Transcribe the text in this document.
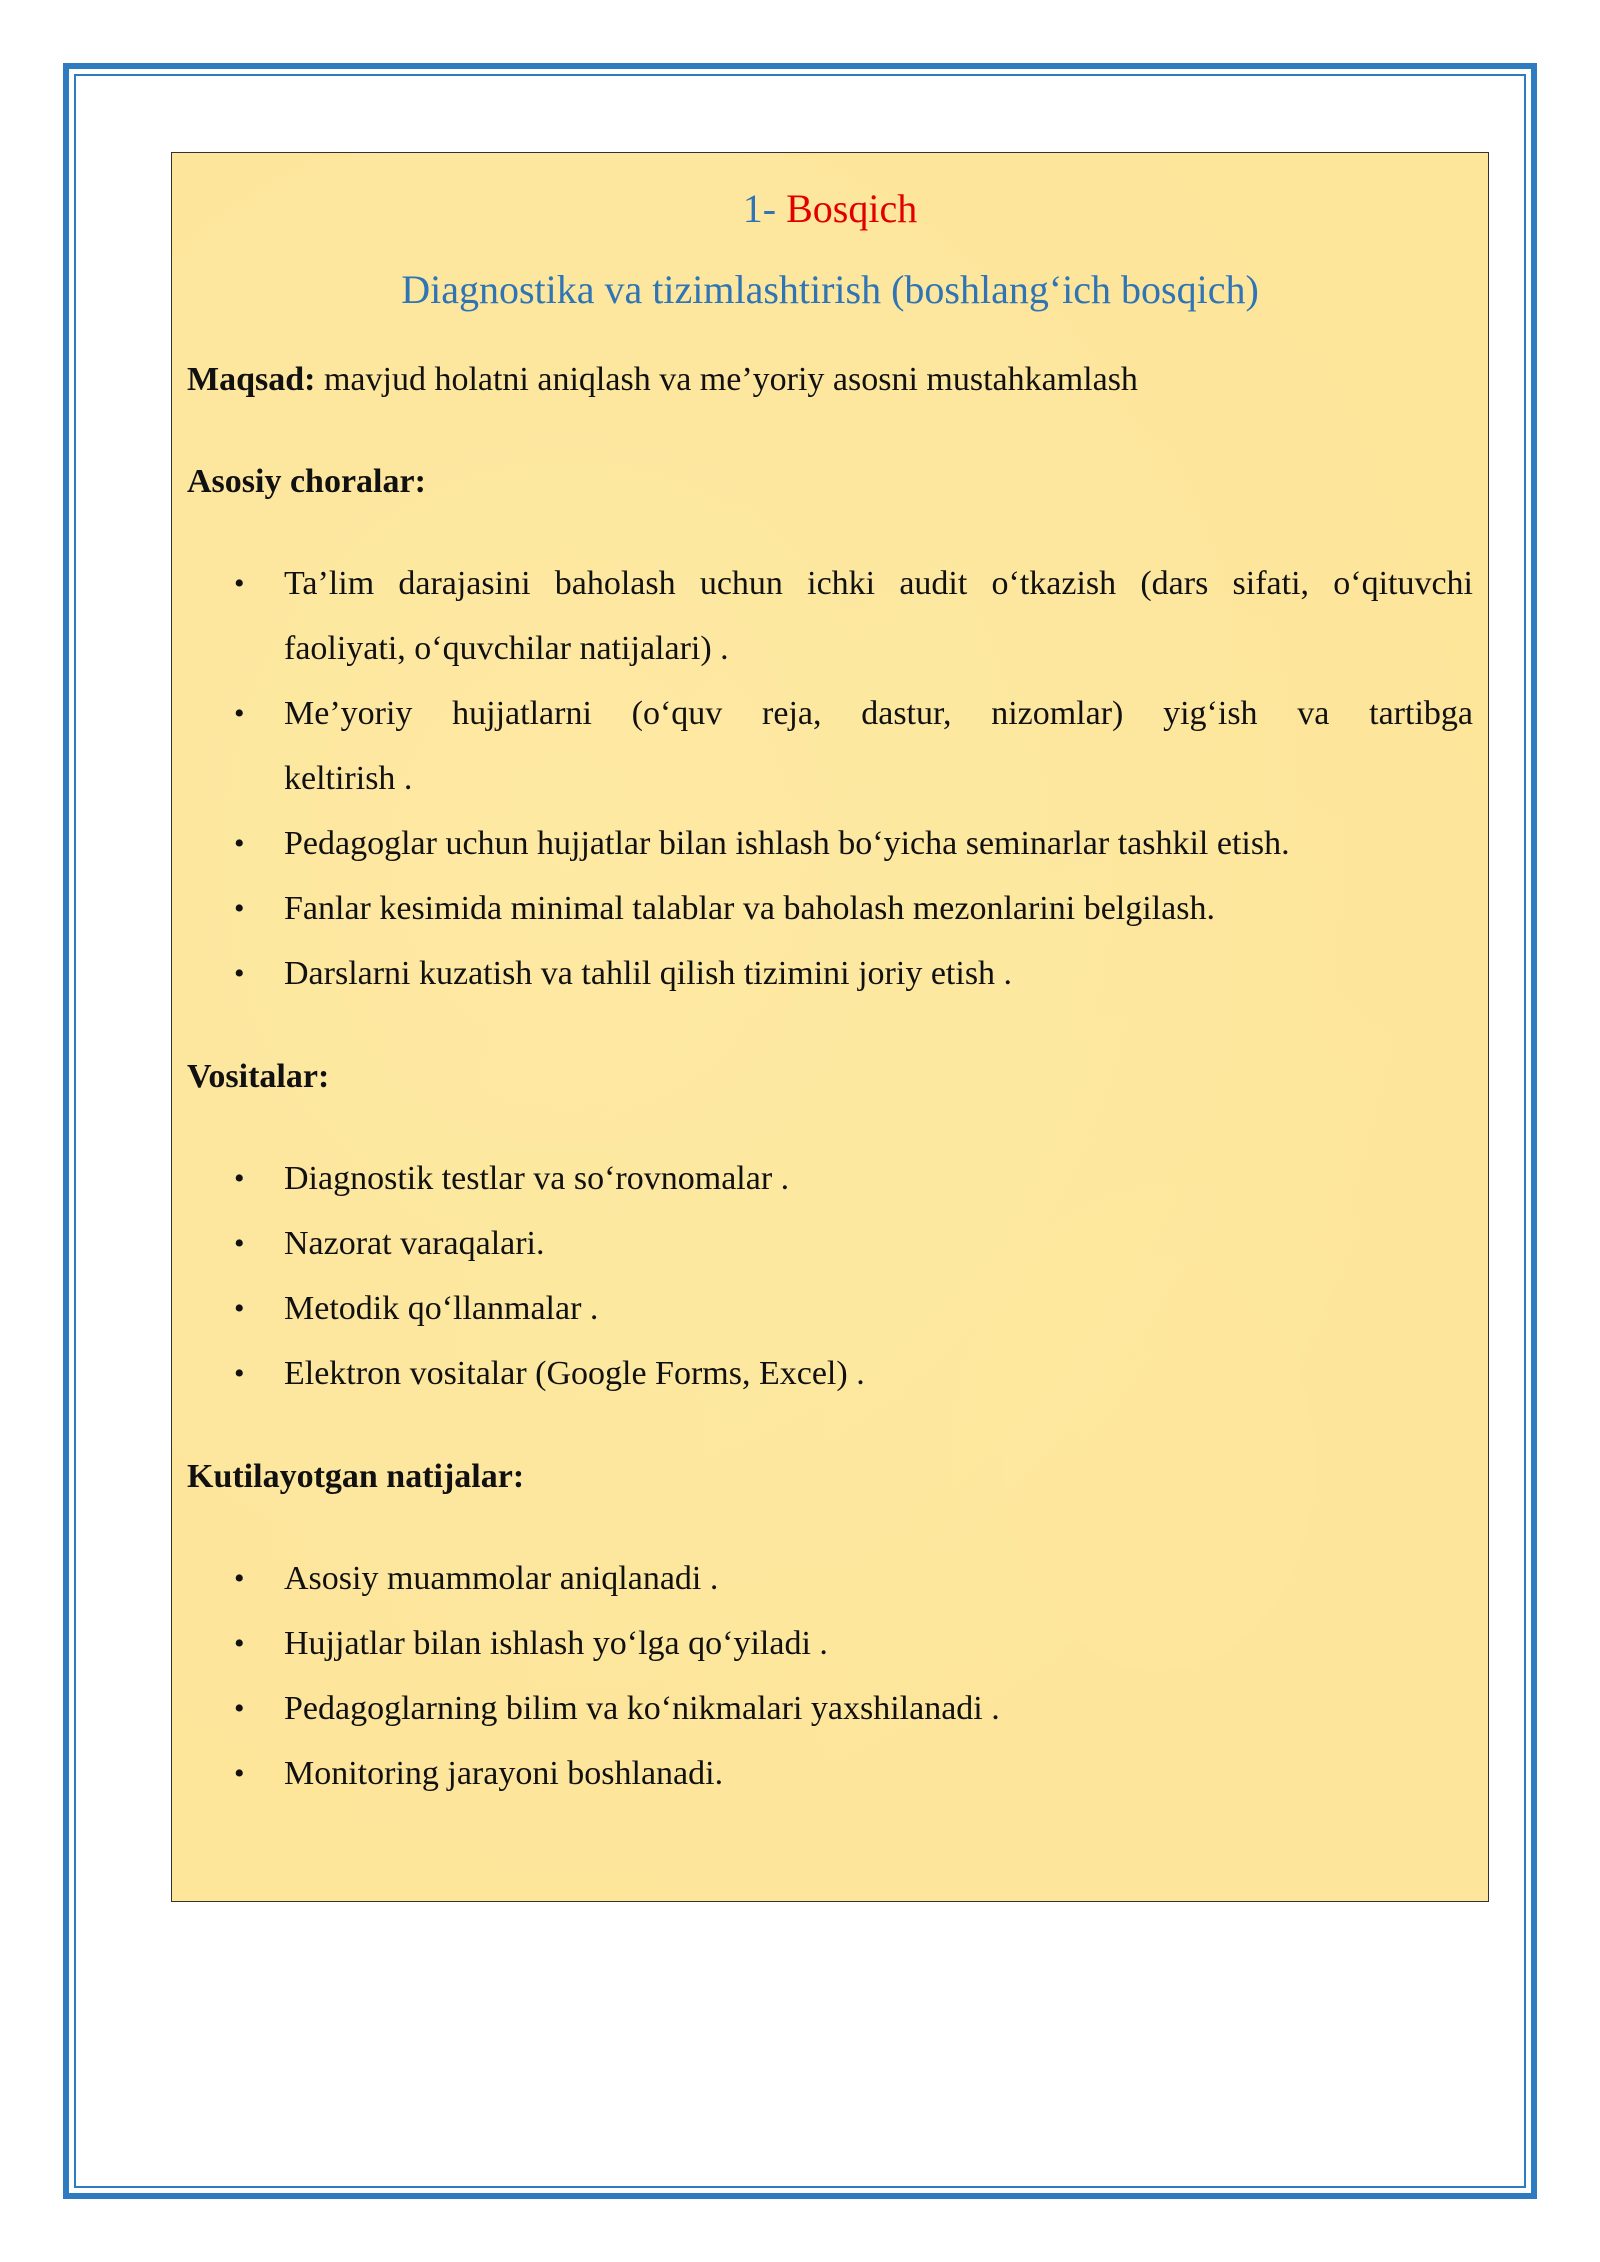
1- Bosqich
Diagnostika va tizimlashtirish (boshlang‘ich bosqich)
Maqsad: mavjud holatni aniqlash va me’yoriy asosni mustahkamlash
Asosiy choralar:
• Ta’lim darajasini baholash uchun ichki audit o‘tkazish (dars sifati, o‘qituvchi
faoliyati, o‘quvchilar natijalari) .
• Me’yoriy hujjatlarni (o‘quv reja, dastur, nizomlar) yig‘ish va tartibga
keltirish .
• Pedagoglar uchun hujjatlar bilan ishlash bo‘yicha seminarlar tashkil etish.
• Fanlar kesimida minimal talablar va baholash mezonlarini belgilash.
• Darslarni kuzatish va tahlil qilish tizimini joriy etish .
Vositalar:
• Diagnostik testlar va so‘rovnomalar .
• Nazorat varaqalari.
• Metodik qo‘llanmalar .
• Elektron vositalar (Google Forms, Excel) .
Kutilayotgan natijalar:
• Asosiy muammolar aniqlanadi .
• Hujjatlar bilan ishlash yo‘lga qo‘yiladi .
• Pedagoglarning bilim va ko‘nikmalari yaxshilanadi .
• Monitoring jarayoni boshlanadi.
